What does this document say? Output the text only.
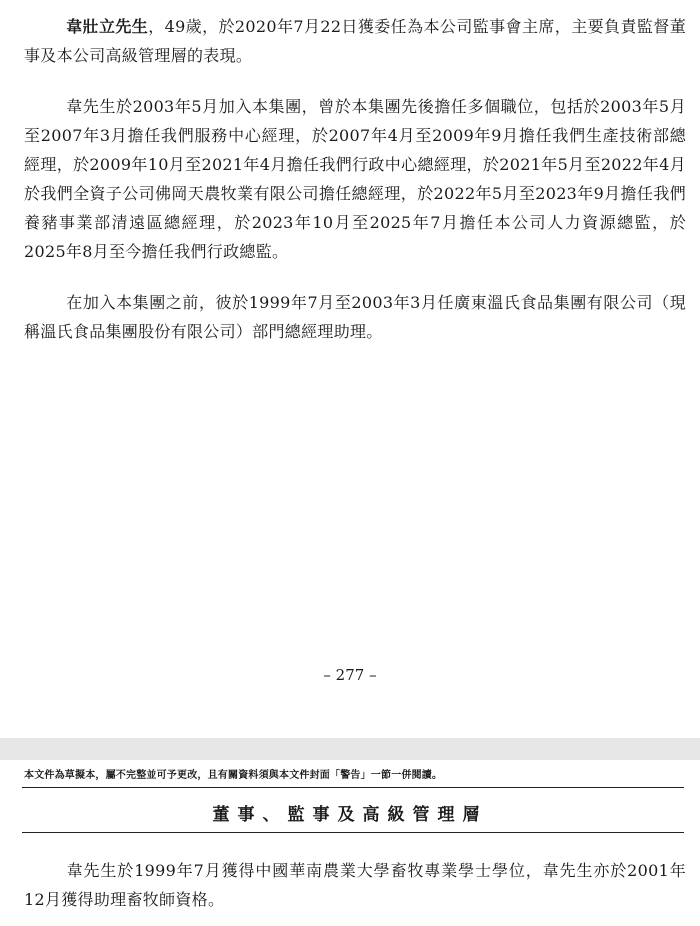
韋壯立先生，49歲，於2020年7月22日獲委任為本公司監事會主席，主要負責監督董事及本公司高級管理層的表現。

韋先生於2003年5月加入本集團，曾於本集團先後擔任多個職位，包括於2003年5月至2007年3月擔任我們服務中心經理，於2007年4月至2009年9月擔任我們生產技術部總經理，於2009年10月至2021年4月擔任我們行政中心總經理，於2021年5月至2022年4月於我們全資子公司佛岡天農牧業有限公司擔任總經理，於2022年5月至2023年9月擔任我們養豬事業部清遠區總經理，於2023年10月至2025年7月擔任本公司人力資源總監，於2025年8月至今擔任我們行政總監。

在加入本集團之前，彼於1999年7月至2003年3月任廣東溫氏食品集團有限公司（現稱溫氏食品集團股份有限公司）部門總經理助理。

– 277 –

本文件為草擬本，屬不完整並可予更改，且有關資料須與本文件封面「警告」一節一併閱讀。

董事、監事及高級管理層

韋先生於1999年7月獲得中國華南農業大學畜牧專業學士學位，韋先生亦於2001年12月獲得助理畜牧師資格。
